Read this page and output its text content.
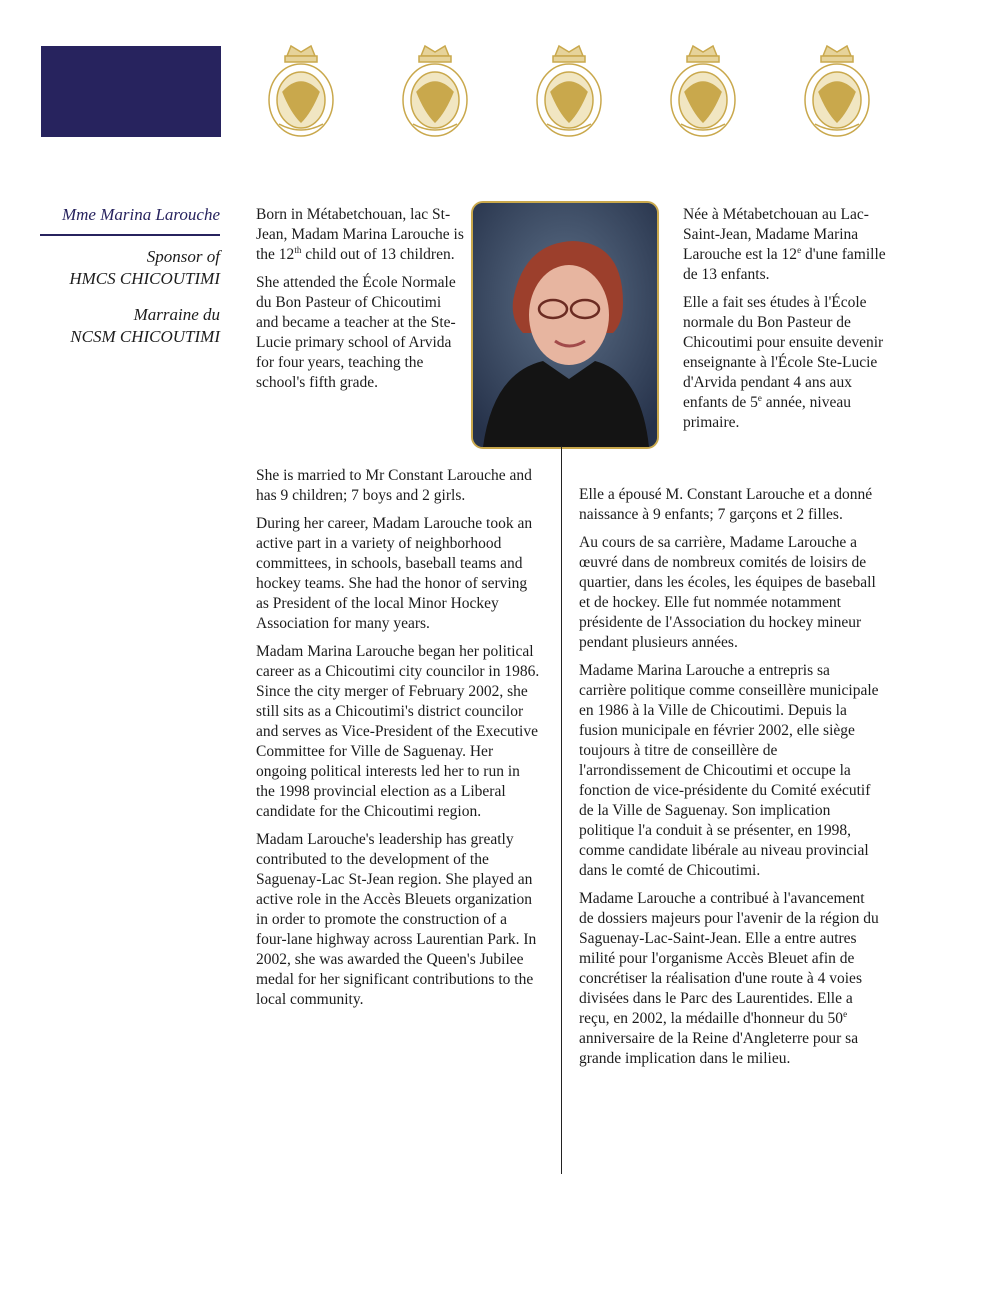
Mme Marina Larouche
Sponsor of
HMCS CHICOUTIMI
Marraine du
NCSM CHICOUTIMI

Born in Métabetchouan, lac St-Jean, Madam Marina Larouche is the 12th child out of 13 children.

She attended the École Normale du Bon Pasteur of Chicoutimi and became a teacher at the Ste-Lucie primary school of Arvida for four years, teaching the school's fifth grade.

Née à Métabetchouan au Lac-Saint-Jean, Madame Marina Larouche est la 12e d'une famille de 13 enfants.

Elle a fait ses études à l'École normale du Bon Pasteur de Chicoutimi pour ensuite devenir enseignante à l'École Ste-Lucie d'Arvida pendant 4 ans aux enfants de 5e année, niveau primaire.

She is married to Mr Constant Larouche and has 9 children; 7 boys and 2 girls.

During her career, Madam Larouche took an active part in a variety of neighborhood committees, in schools, baseball teams and hockey teams. She had the honor of serving as President of the local Minor Hockey Association for many years.

Madam Marina Larouche began her political career as a Chicoutimi city councilor in 1986. Since the city merger of February 2002, she still sits as a Chicoutimi's district councilor and serves as Vice-President of the Executive Committee for Ville de Saguenay. Her ongoing political interests led her to run in the 1998 provincial election as a Liberal candidate for the Chicoutimi region.

Madam Larouche's leadership has greatly contributed to the development of the Saguenay-Lac St-Jean region. She played an active role in the Accès Bleuets organization in order to promote the construction of a four-lane highway across Laurentian Park. In 2002, she was awarded the Queen's Jubilee medal for her significant contributions to the local community.

Elle a épousé M. Constant Larouche et a donné naissance à 9 enfants; 7 garçons et 2 filles.

Au cours de sa carrière, Madame Larouche a œuvré dans de nombreux comités de loisirs de quartier, dans les écoles, les équipes de baseball et de hockey. Elle fut nommée notamment présidente de l'Association du hockey mineur pendant plusieurs années.

Madame Marina Larouche a entrepris sa carrière politique comme conseillère municipale en 1986 à la Ville de Chicoutimi. Depuis la fusion municipale en février 2002, elle siège toujours à titre de conseillère de l'arrondissement de Chicoutimi et occupe la fonction de vice-présidente du Comité exécutif de la Ville de Saguenay. Son implication politique l'a conduit à se présenter, en 1998, comme candidate libérale au niveau provincial dans le comté de Chicoutimi.

Madame Larouche a contribué à l'avancement de dossiers majeurs pour l'avenir de la région du Saguenay-Lac-Saint-Jean. Elle a entre autres milité pour l'organisme Accès Bleuet afin de concrétiser la réalisation d'une route à 4 voies divisées dans le Parc des Laurentides. Elle a reçu, en 2002, la médaille d'honneur du 50e anniversaire de la Reine d'Angleterre pour sa grande implication dans le milieu.
